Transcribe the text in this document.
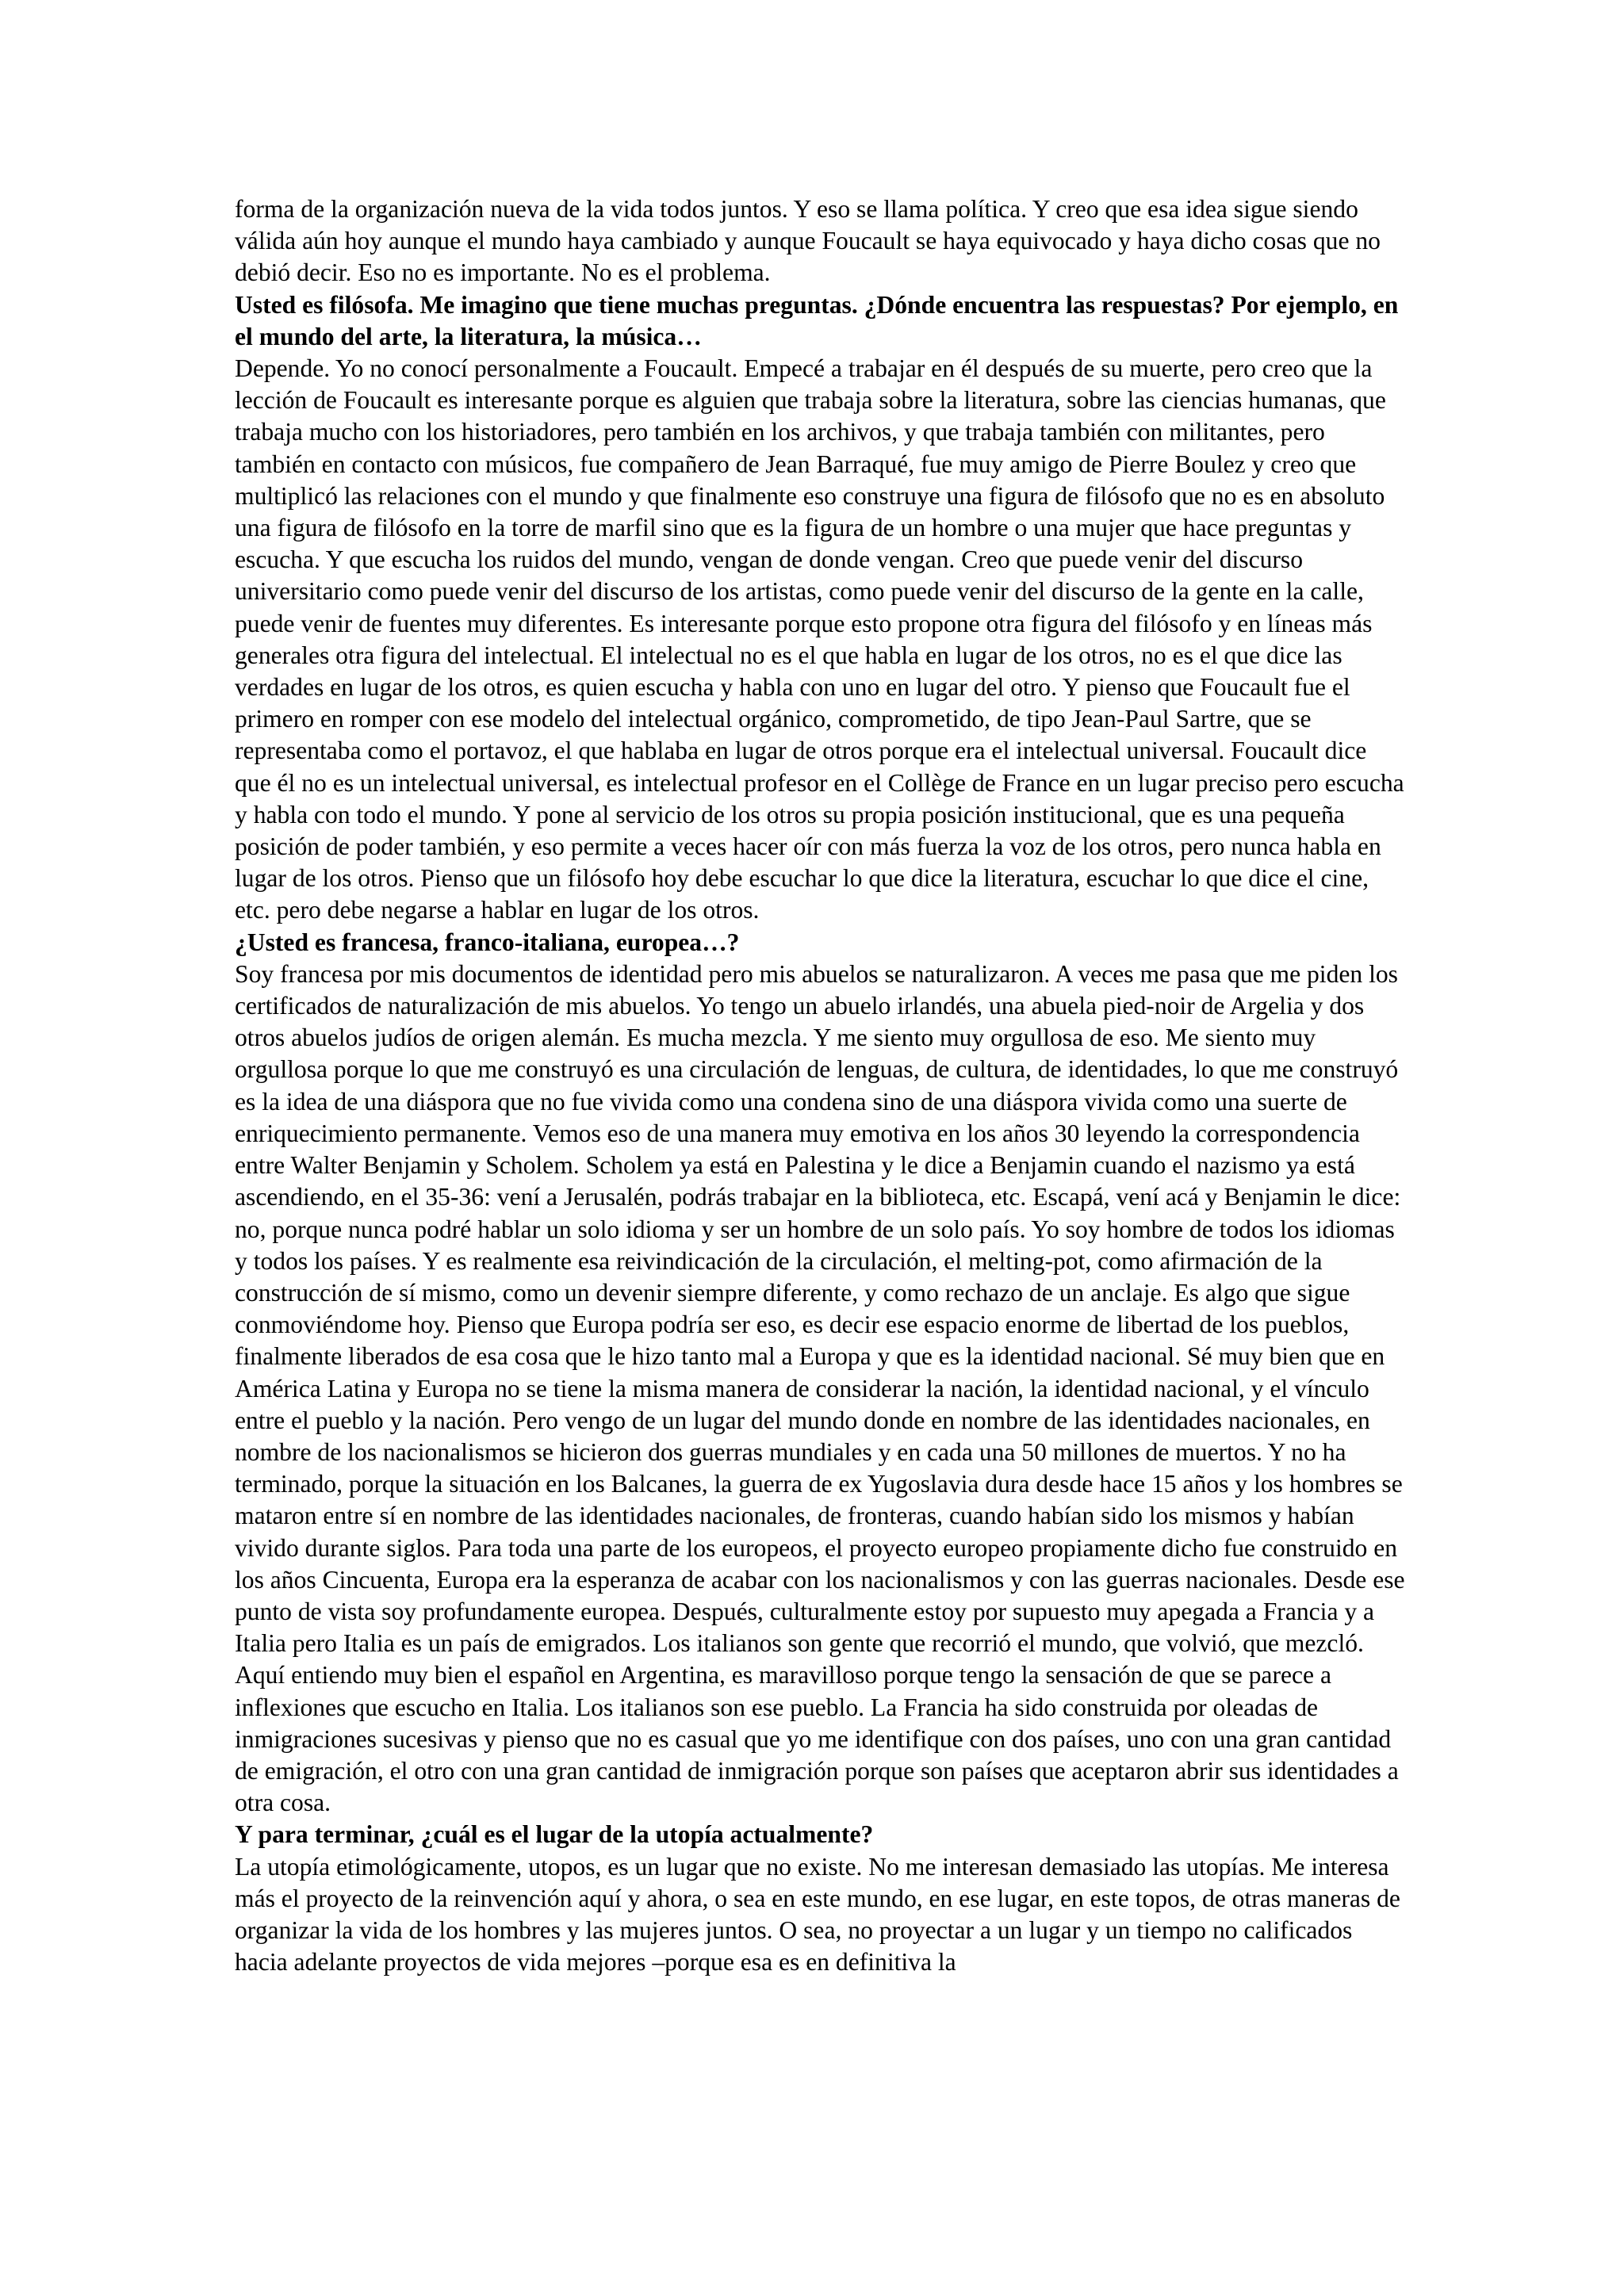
forma de la organización nueva de la vida todos juntos. Y eso se llama política. Y creo que esa idea sigue siendo válida aún hoy aunque el mundo haya cambiado y aunque Foucault se haya equivocado y haya dicho cosas que no debió decir. Eso no es importante. No es el problema.

Usted es filósofa. Me imagino que tiene muchas preguntas. ¿Dónde encuentra las respuestas? Por ejemplo, en el mundo del arte, la literatura, la música…

Depende. Yo no conocí personalmente a Foucault. Empecé a trabajar en él después de su muerte, pero creo que la lección de Foucault es interesante porque es alguien que trabaja sobre la literatura, sobre las ciencias humanas, que trabaja mucho con los historiadores, pero también en los archivos, y que trabaja también con militantes, pero también en contacto con músicos, fue compañero de Jean Barraqué, fue muy amigo de Pierre Boulez y creo que multiplicó las relaciones con el mundo y que finalmente eso construye una figura de filósofo que no es en absoluto una figura de filósofo en la torre de marfil sino que es la figura de un hombre o una mujer que hace preguntas y escucha. Y que escucha los ruidos del mundo, vengan de donde vengan. Creo que puede venir del discurso universitario como puede venir del discurso de los artistas, como puede venir del discurso de la gente en la calle, puede venir de fuentes muy diferentes. Es interesante porque esto propone otra figura del filósofo y en líneas más generales otra figura del intelectual. El intelectual no es el que habla en lugar de los otros, no es el que dice las verdades en lugar de los otros, es quien escucha y habla con uno en lugar del otro. Y pienso que Foucault fue el primero en romper con ese modelo del intelectual orgánico, comprometido, de tipo Jean-Paul Sartre, que se representaba como el portavoz, el que hablaba en lugar de otros porque era el intelectual universal. Foucault dice que él no es un intelectual universal, es intelectual profesor en el Collège de France en un lugar preciso pero escucha y habla con todo el mundo. Y pone al servicio de los otros su propia posición institucional, que es una pequeña posición de poder también, y eso permite a veces hacer oír con más fuerza la voz de los otros, pero nunca habla en lugar de los otros. Pienso que un filósofo hoy debe escuchar lo que dice la literatura, escuchar lo que dice el cine, etc. pero debe negarse a hablar en lugar de los otros.

¿Usted es francesa, franco-italiana, europea…?

Soy francesa por mis documentos de identidad pero mis abuelos se naturalizaron. A veces me pasa que me piden los certificados de naturalización de mis abuelos. Yo tengo un abuelo irlandés, una abuela pied-noir de Argelia y dos otros abuelos judíos de origen alemán. Es mucha mezcla. Y me siento muy orgullosa de eso. Me siento muy orgullosa porque lo que me construyó es una circulación de lenguas, de cultura, de identidades, lo que me construyó es la idea de una diáspora que no fue vivida como una condena sino de una diáspora vivida como una suerte de enriquecimiento permanente. Vemos eso de una manera muy emotiva en los años 30 leyendo la correspondencia entre Walter Benjamin y Scholem. Scholem ya está en Palestina y le dice a Benjamin cuando el nazismo ya está ascendiendo, en el 35-36: vení a Jerusalén, podrás trabajar en la biblioteca, etc. Escapá, vení acá y Benjamin le dice: no, porque nunca podré hablar un solo idioma y ser un hombre de un solo país. Yo soy hombre de todos los idiomas y todos los países. Y es realmente esa reivindicación de la circulación, el melting-pot, como afirmación de la construcción de sí mismo, como un devenir siempre diferente, y como rechazo de un anclaje. Es algo que sigue conmoviéndome hoy. Pienso que Europa podría ser eso, es decir ese espacio enorme de libertad de los pueblos, finalmente liberados de esa cosa que le hizo tanto mal a Europa y que es la identidad nacional. Sé muy bien que en América Latina y Europa no se tiene la misma manera de considerar la nación, la identidad nacional, y el vínculo entre el pueblo y la nación. Pero vengo de un lugar del mundo donde en nombre de las identidades nacionales, en nombre de los nacionalismos se hicieron dos guerras mundiales y en cada una 50 millones de muertos. Y no ha terminado, porque la situación en los Balcanes, la guerra de ex Yugoslavia dura desde hace 15 años y los hombres se mataron entre sí en nombre de las identidades nacionales, de fronteras, cuando habían sido los mismos y habían vivido durante siglos. Para toda una parte de los europeos, el proyecto europeo propiamente dicho fue construido en los años Cincuenta, Europa era la esperanza de acabar con los nacionalismos y con las guerras nacionales. Desde ese punto de vista soy profundamente europea. Después, culturalmente estoy por supuesto muy apegada a Francia y a Italia pero Italia es un país de emigrados. Los italianos son gente que recorrió el mundo, que volvió, que mezcló. Aquí entiendo muy bien el español en Argentina, es maravilloso porque tengo la sensación de que se parece a inflexiones que escucho en Italia. Los italianos son ese pueblo. La Francia ha sido construida por oleadas de inmigraciones sucesivas y pienso que no es casual que yo me identifique con dos países, uno con una gran cantidad de emigración, el otro con una gran cantidad de inmigración porque son países que aceptaron abrir sus identidades a otra cosa.

Y para terminar, ¿cuál es el lugar de la utopía actualmente?

La utopía etimológicamente, utopos, es un lugar que no existe. No me interesan demasiado las utopías. Me interesa más el proyecto de la reinvención aquí y ahora, o sea en este mundo, en ese lugar, en este topos, de otras maneras de organizar la vida de los hombres y las mujeres juntos. O sea, no proyectar a un lugar y un tiempo no calificados hacia adelante proyectos de vida mejores –porque esa es en definitiva la
